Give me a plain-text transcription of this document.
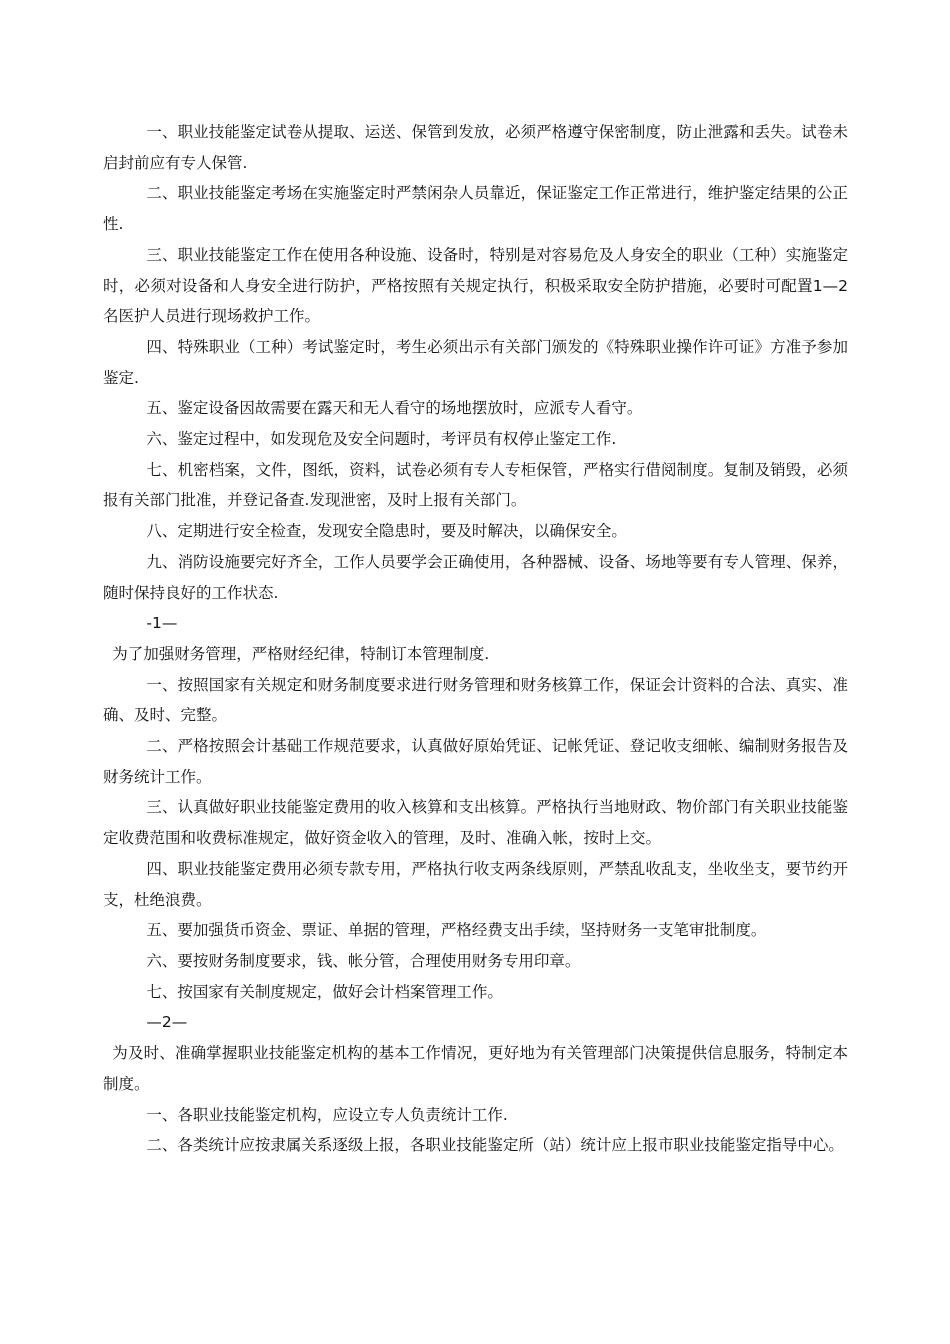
一、职业技能鉴定试卷从提取、运送、保管到发放，必须严格遵守保密制度，防止泄露和丢失。试卷未启封前应有专人保管.

二、职业技能鉴定考场在实施鉴定时严禁闲杂人员靠近，保证鉴定工作正常进行，维护鉴定结果的公正性.

三、职业技能鉴定工作在使用各种设施、设备时，特别是对容易危及人身安全的职业（工种）实施鉴定时，必须对设备和人身安全进行防护，严格按照有关规定执行，积极采取安全防护措施，必要时可配置1—2名医护人员进行现场救护工作。

四、特殊职业（工种）考试鉴定时，考生必须出示有关部门颁发的《特殊职业操作许可证》方准予参加鉴定.

五、鉴定设备因故需要在露天和无人看守的场地摆放时，应派专人看守。

六、鉴定过程中，如发现危及安全问题时，考评员有权停止鉴定工作.

七、机密档案，文件，图纸，资料，试卷必须有专人专柜保管，严格实行借阅制度。复制及销毁，必须报有关部门批准，并登记备查.发现泄密，及时上报有关部门。

八、定期进行安全检查，发现安全隐患时，要及时解决，以确保安全。

九、消防设施要完好齐全，工作人员要学会正确使用，各种器械、设备、场地等要有专人管理、保养，随时保持良好的工作状态.

-1—

为了加强财务管理，严格财经纪律，特制订本管理制度.

一、按照国家有关规定和财务制度要求进行财务管理和财务核算工作，保证会计资料的合法、真实、准确、及时、完整。

二、严格按照会计基础工作规范要求，认真做好原始凭证、记帐凭证、登记收支细帐、编制财务报告及财务统计工作。

三、认真做好职业技能鉴定费用的收入核算和支出核算。严格执行当地财政、物价部门有关职业技能鉴定收费范围和收费标准规定，做好资金收入的管理，及时、准确入帐，按时上交。

四、职业技能鉴定费用必须专款专用，严格执行收支两条线原则，严禁乱收乱支，坐收坐支，要节约开支，杜绝浪费。

五、要加强货币资金、票证、单据的管理，严格经费支出手续，坚持财务一支笔审批制度。

六、要按财务制度要求，钱、帐分管，合理使用财务专用印章。

七、按国家有关制度规定，做好会计档案管理工作。

—2—

为及时、准确掌握职业技能鉴定机构的基本工作情况，更好地为有关管理部门决策提供信息服务，特制定本制度。

一、各职业技能鉴定机构，应设立专人负责统计工作.

二、各类统计应按隶属关系逐级上报，各职业技能鉴定所（站）统计应上报市职业技能鉴定指导中心。
